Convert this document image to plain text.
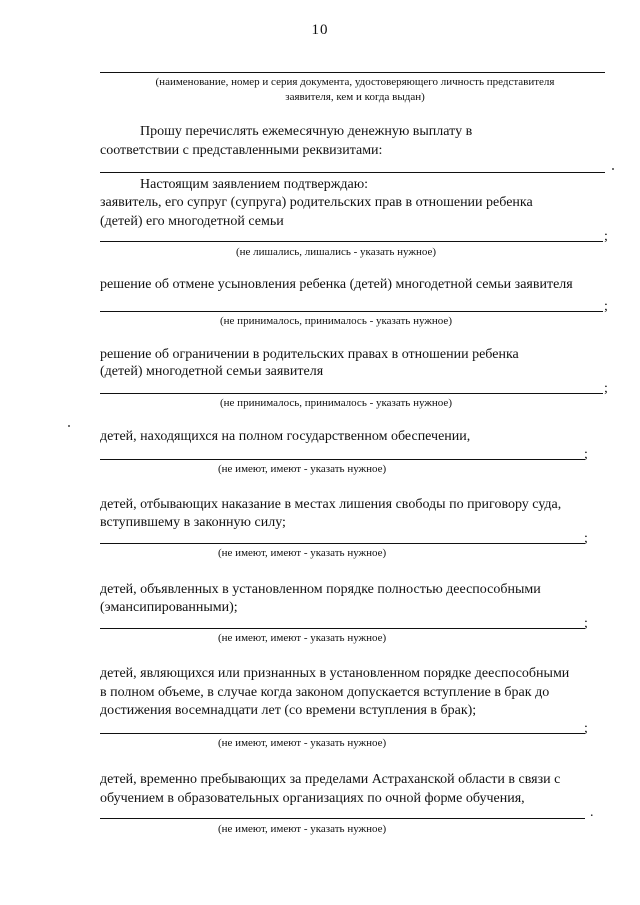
10
(наименование, номер и серия документа, удостоверяющего личность представителя
заявителя, кем и когда выдан)
Прошу перечислять ежемесячную денежную выплату в
соответствии с представленными реквизитами:
Настоящим заявлением подтверждаю:
заявитель, его супруг (супруга) родительских прав в отношении ребенка
(детей) его многодетной семьи
;
(не лишались, лишались - указать нужное)
решение об отмене усыновления ребенка (детей) многодетной семьи заявителя
;
(не принималось, принималось - указать нужное)
решение об ограничении в родительских правах в отношении ребенка
(детей) многодетной семьи заявителя
;
(не принималось, принималось - указать нужное)
детей, находящихся на полном государственном обеспечении,
;
(не имеют, имеют - указать нужное)
детей, отбывающих наказание в местах лишения свободы по приговору суда,
вступившему в законную силу;
;
(не имеют, имеют - указать нужное)
детей, объявленных в установленном порядке полностью дееспособными
(эмансипированными);
;
(не имеют, имеют - указать нужное)
детей, являющихся или признанных в установленном порядке дееспособными
в полном объеме, в случае когда законом допускается вступление в брак до
достижения восемнадцати лет (со времени вступления в брак);
;
(не имеют, имеют - указать нужное)
детей, временно пребывающих за пределами Астраханской области в связи с
обучением в образовательных организациях по очной форме обучения,
.
(не имеют, имеют - указать нужное)
